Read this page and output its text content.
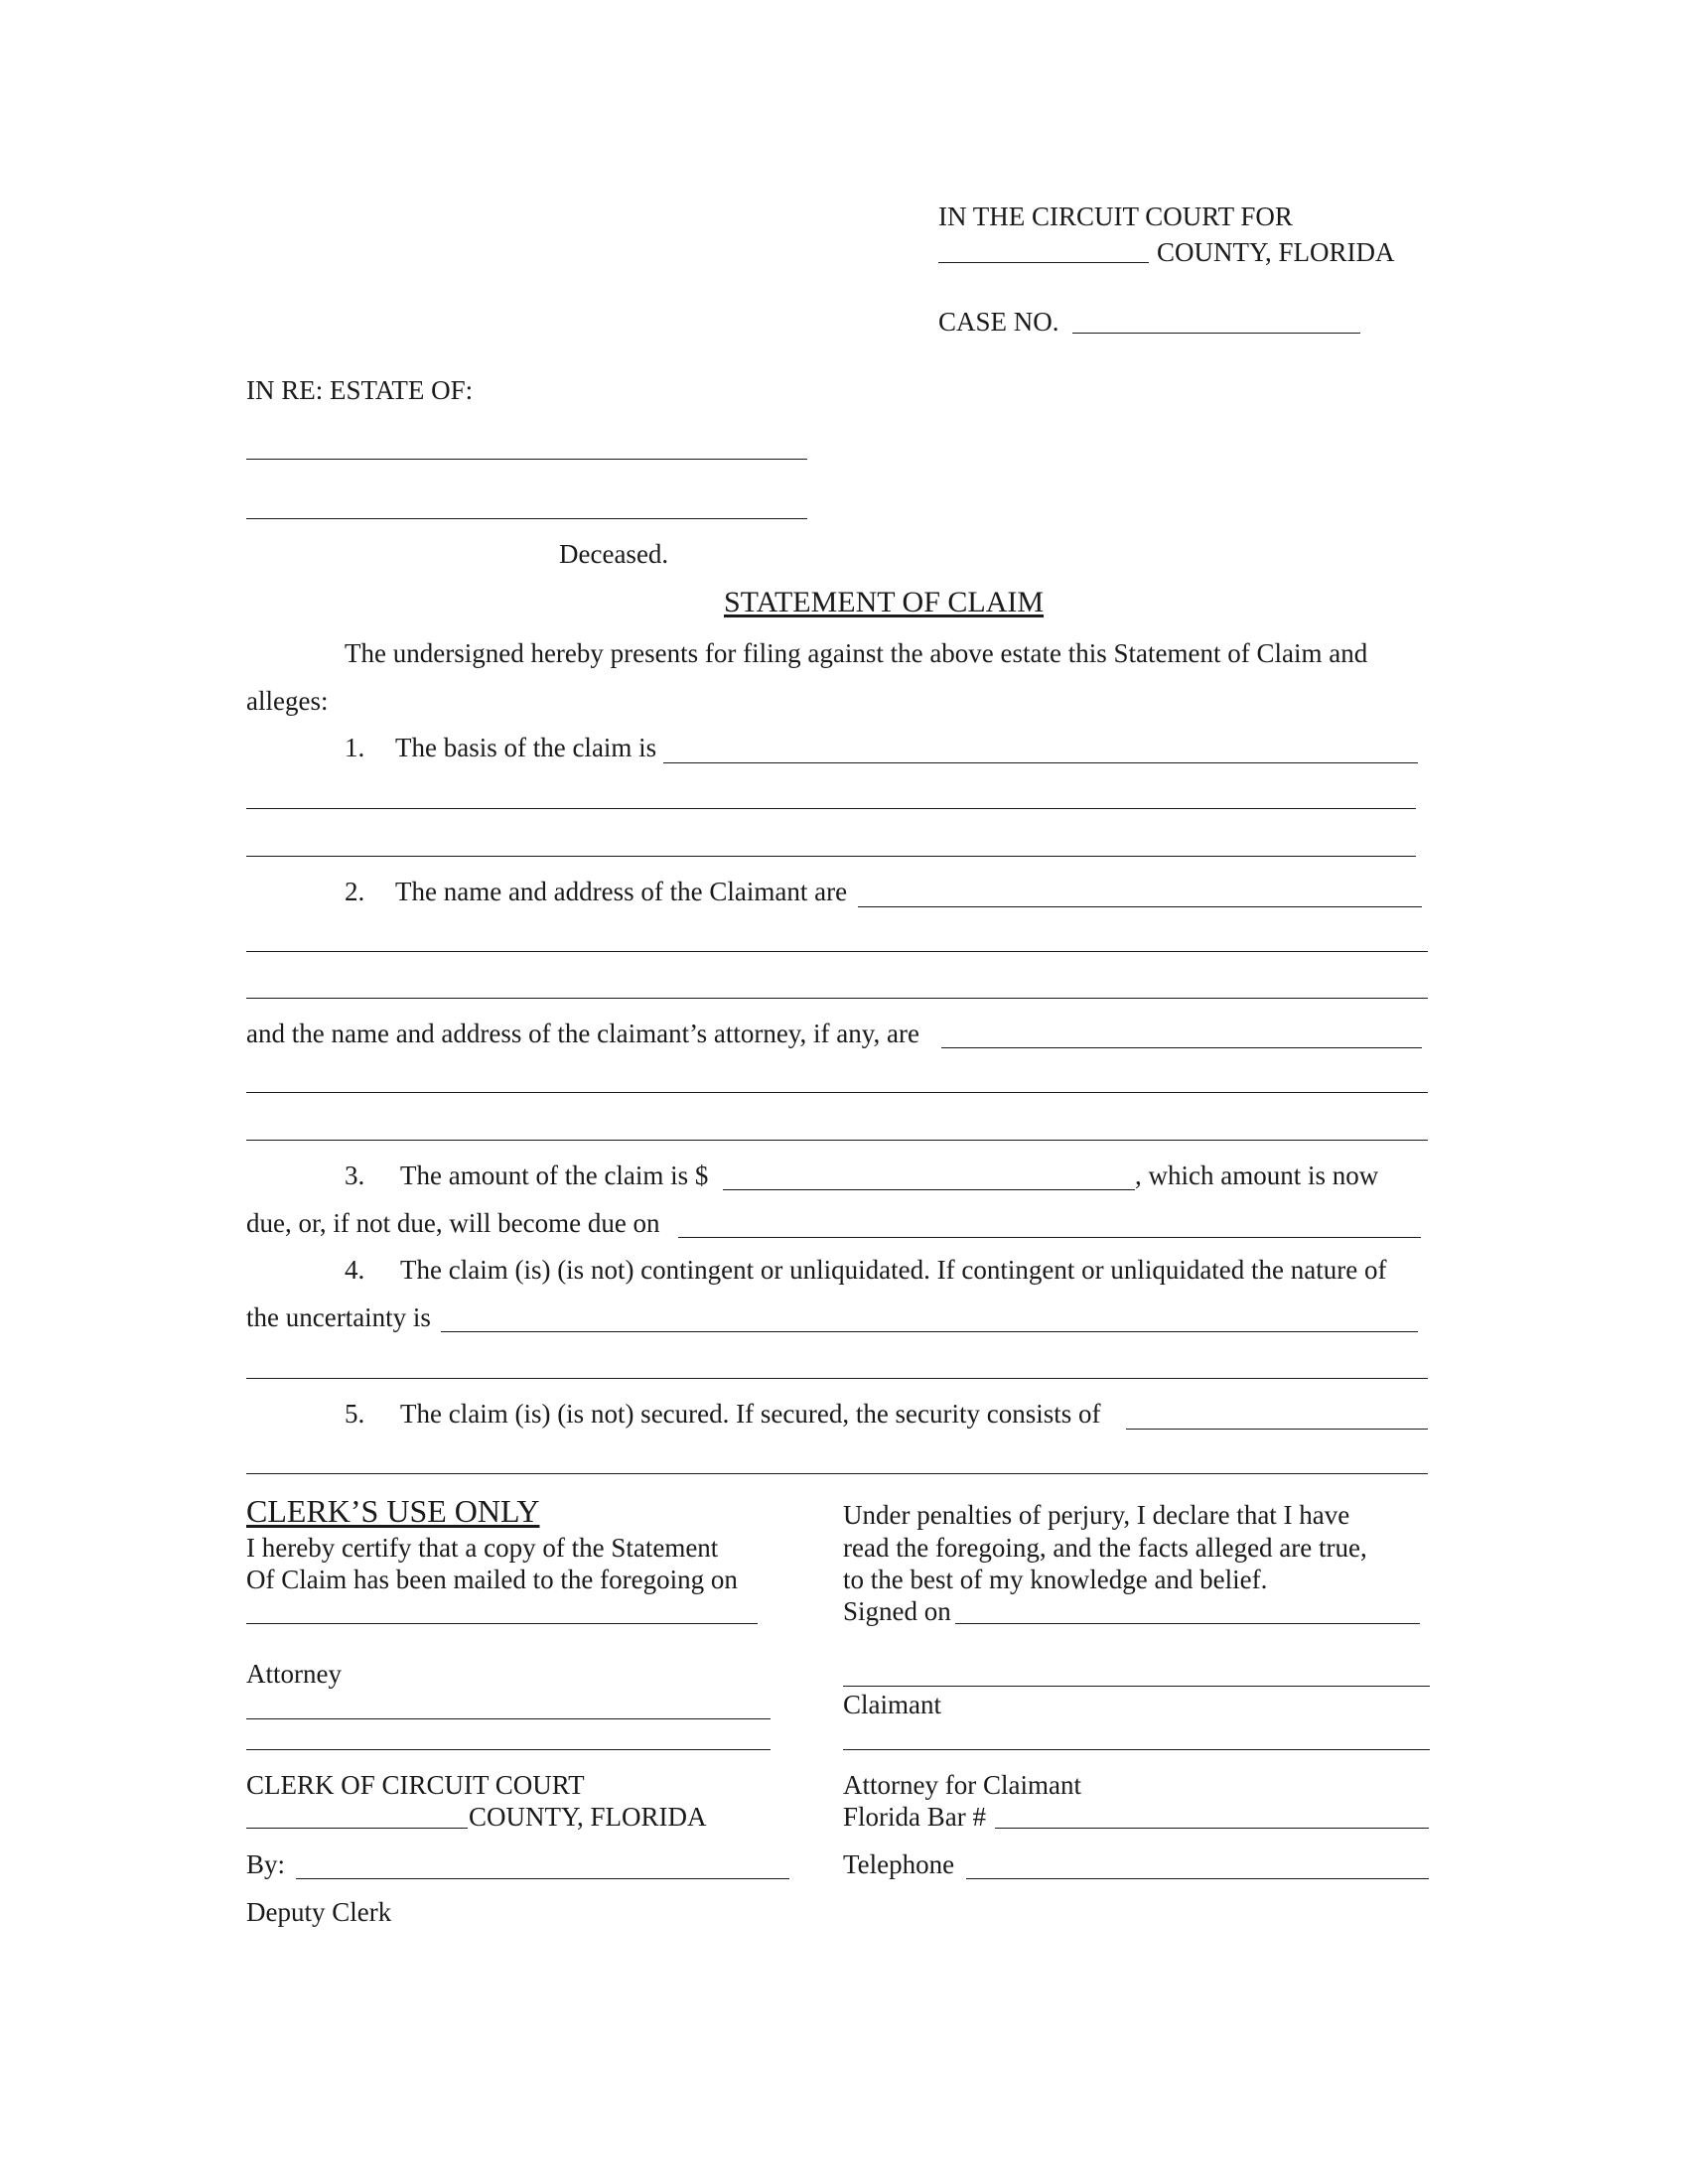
IN THE CIRCUIT COURT FOR
COUNTY, FLORIDA
CASE NO.
IN RE: ESTATE OF:
Deceased.
STATEMENT OF CLAIM
The undersigned hereby presents for filing against the above estate this Statement of Claim and
alleges:
1. The basis of the claim is
2. The name and address of the Claimant are
and the name and address of the claimant’s attorney, if any, are
3. The amount of the claim is $	, which amount is now
due, or, if not due, will become due on
4. The claim (is) (is not) contingent or unliquidated. If contingent or unliquidated the nature of
the uncertainty is
5. The claim (is) (is not) secured. If secured, the security consists of
CLERK’S USE ONLY
I hereby certify that a copy of the Statement
Of Claim has been mailed to the foregoing on
Attorney
CLERK OF CIRCUIT COURT
COUNTY, FLORIDA
By:
Deputy Clerk
Under penalties of perjury, I declare that I have
read the foregoing, and the facts alleged are true,
to the best of my knowledge and belief.
Signed on
Claimant
Attorney for Claimant
Florida Bar #
Telephone
